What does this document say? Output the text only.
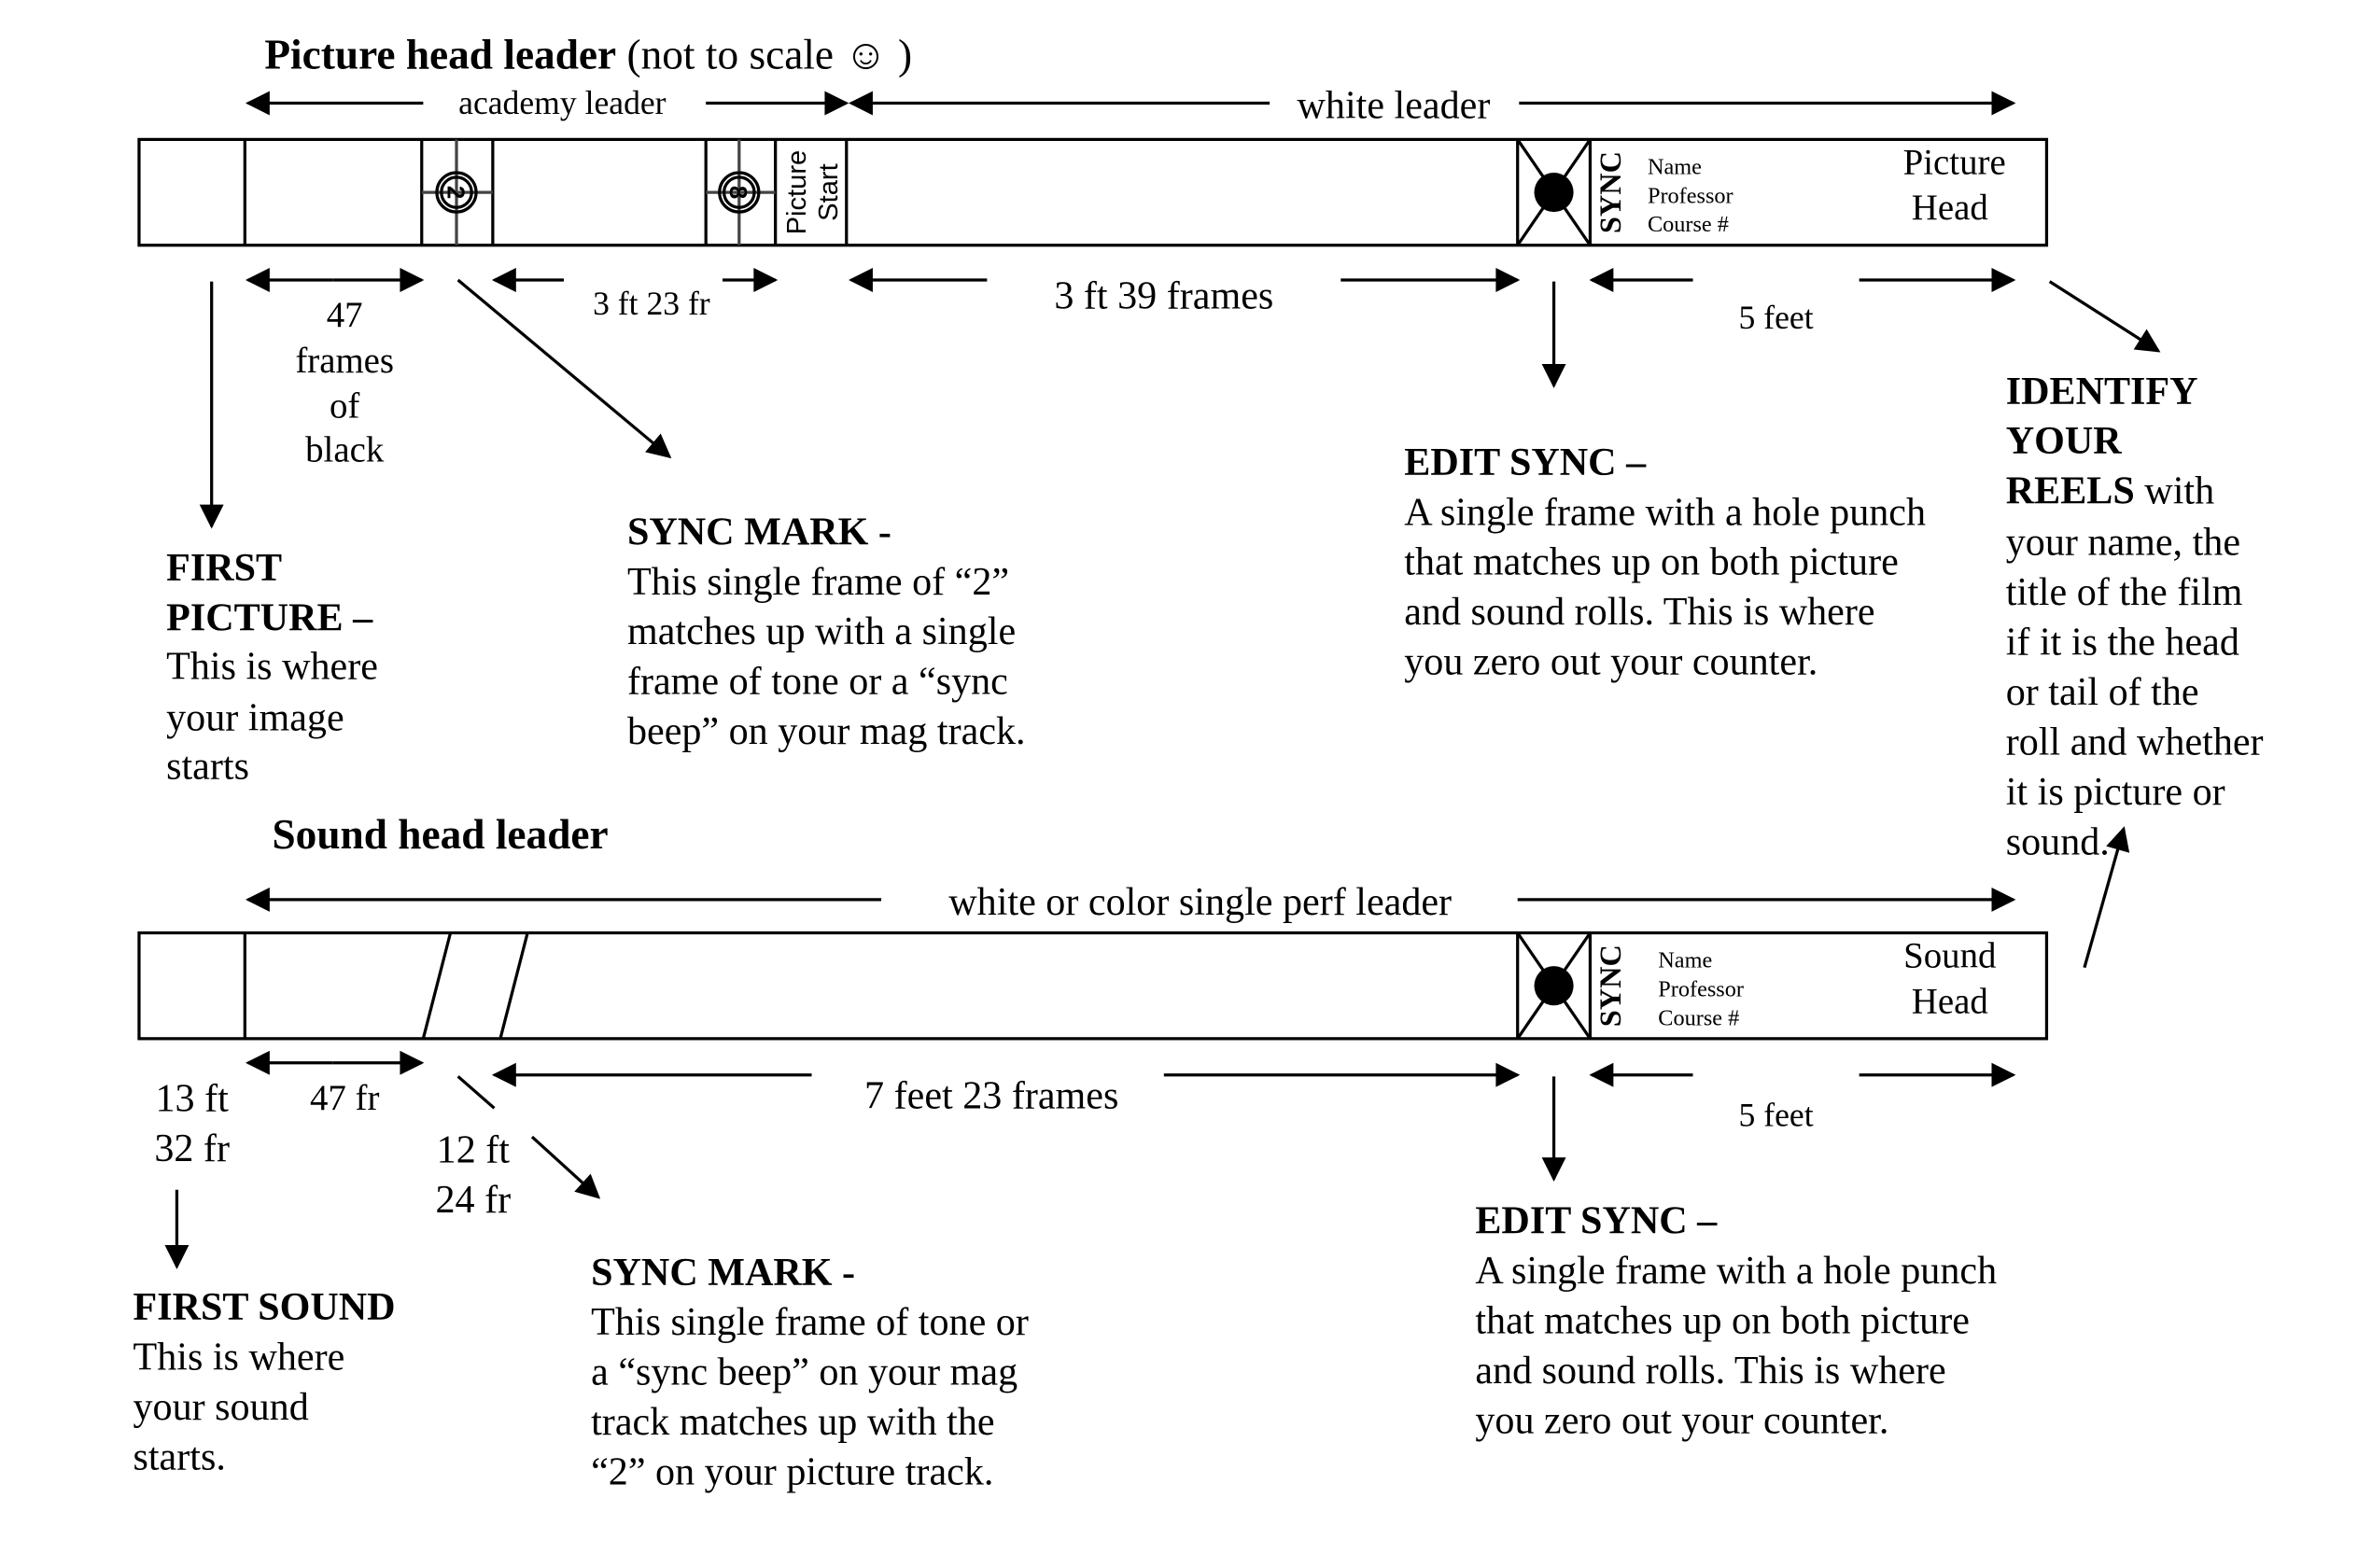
Picture head leader (not to scale ☺ )
academy leader	white leader
2	8 Picture Start	SYNC Name
Professor
Course #
Picture
Head
47
frames
of
black
3 ft 23 fr	3 ft 39 frames	5 feet
FIRST
PICTURE –
This is where
your image
starts
SYNC MARK -
This single frame of “2”
matches up with a single
frame of tone or a “sync
beep” on your mag track.
EDIT SYNC –
A single frame with a hole punch
that matches up on both picture
and sound rolls. This is where
you zero out your counter.
IDENTIFY
YOUR
REELS with
your name, the
title of the film
if it is the head
or tail of the
roll and whether
it is picture or
sound.
Sound head leader
white or color single perf leader
SYNC Name
Professor
Course #
Sound
Head
47 fr
13 ft
32 fr	12 ft
24 fr
7 feet 23 frames	5 feet
FIRST SOUND
This is where
your sound
starts.
SYNC MARK -
This single frame of tone or
a “sync beep” on your mag
track matches up with the
“2” on your picture track.
EDIT SYNC –
A single frame with a hole punch
that matches up on both picture
and sound rolls. This is where
you zero out your counter.
